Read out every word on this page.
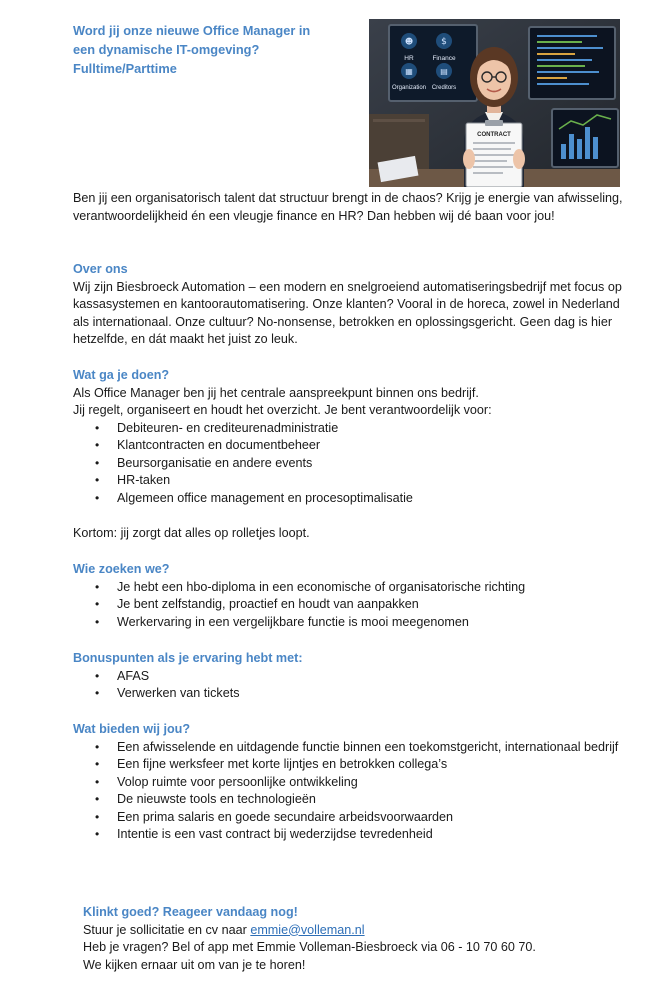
Word jij onze nieuwe Office Manager in

een dynamische IT-omgeving?

Fulltime/Parttime

☻	$
▦	▤
HR	Finance
Organization Creditors
CONTRACT

Ben jij een organisatorisch talent dat structuur brengt in de chaos? Krijg je energie van afwisseling, verantwoordelijkheid én een vleugje finance en HR? Dan hebben wij dé baan voor jou!

Over ons

Wij zijn Biesbroeck Automation – een modern en snelgroeiend automatiseringsbedrijf met focus op kassasystemen en kantoorautomatisering. Onze klanten? Vooral in de horeca, zowel in Nederland als internationaal. Onze cultuur? No-nonsense, betrokken en oplossingsgericht. Geen dag is hier hetzelfde, en dát maakt het juist zo leuk.

Wat ga je doen?

Als Office Manager ben jij het centrale aanspreekpunt binnen ons bedrijf.

Jij regelt, organiseert en houdt het overzicht. Je bent verantwoordelijk voor:

• Debiteuren- en crediteurenadministratie
• Klantcontracten en documentbeheer
• Beursorganisatie en andere events
• HR-taken
• Algemeen office management en procesoptimalisatie

Kortom: jij zorgt dat alles op rolletjes loopt.

Wie zoeken we?

• Je hebt een hbo-diploma in een economische of organisatorische richting
• Je bent zelfstandig, proactief en houdt van aanpakken
• Werkervaring in een vergelijkbare functie is mooi meegenomen

Bonuspunten als je ervaring hebt met:

• AFAS
• Verwerken van tickets

Wat bieden wij jou?

• Een afwisselende en uitdagende functie binnen een toekomstgericht, internationaal bedrijf
• Een fijne werksfeer met korte lijntjes en betrokken collega’s
• Volop ruimte voor persoonlijke ontwikkeling
• De nieuwste tools en technologieën
• Een prima salaris en goede secundaire arbeidsvoorwaarden
• Intentie is een vast contract bij wederzijdse tevredenheid

Klinkt goed? Reageer vandaag nog!

Stuur je sollicitatie en cv naar emmie@volleman.nl

Heb je vragen? Bel of app met Emmie Volleman-Biesbroeck via 06 - 10 70 60 70.

We kijken ernaar uit om van je te horen!
